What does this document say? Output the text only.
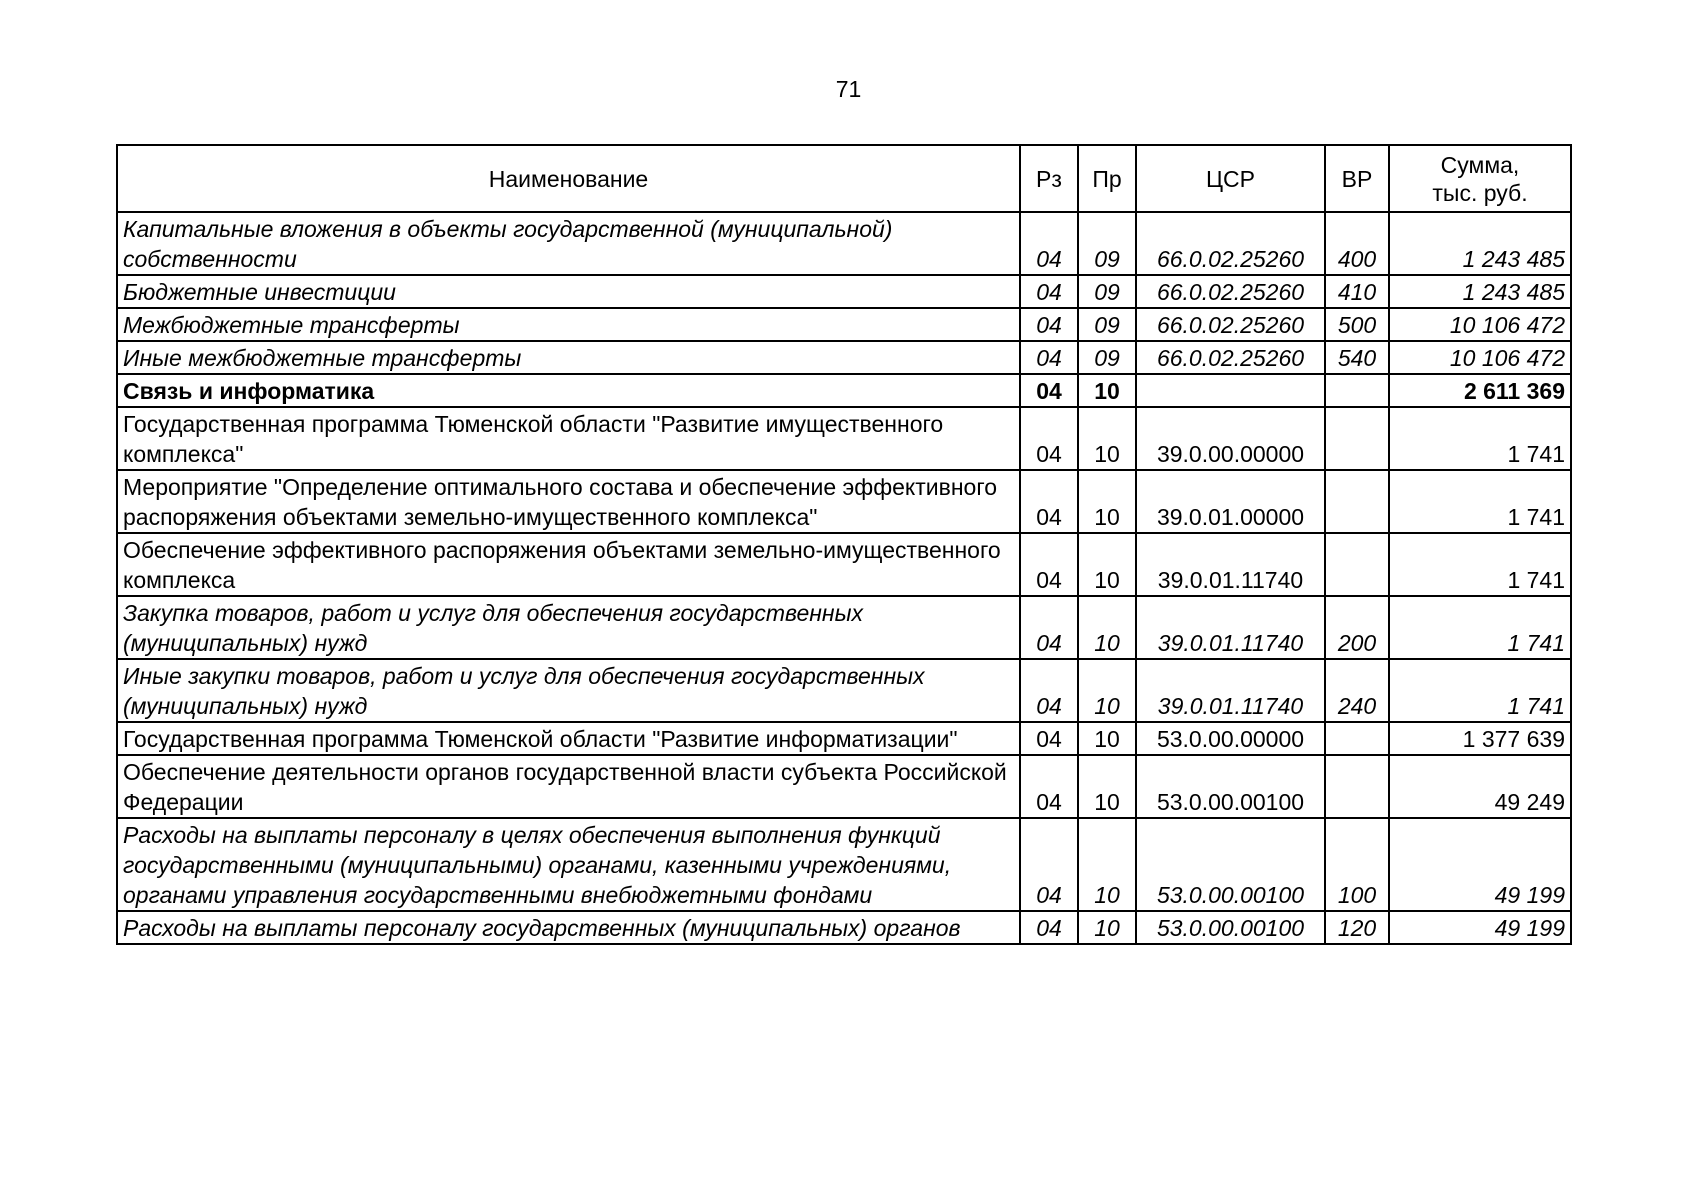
71
Наименование	Рз	Пр	ЦСР	ВР	Сумма,
тыс. руб.
Капитальные вложения в объекты государственной (муниципальной) собственности	04	09	66.0.02.25260	400	1 243 485
Бюджетные инвестиции	04	09	66.0.02.25260	410	1 243 485
Межбюджетные трансферты	04	09	66.0.02.25260	500	10 106 472
Иные межбюджетные трансферты	04	09	66.0.02.25260	540	10 106 472
Связь и информатика	04	10			2 611 369
Государственная программа Тюменской области "Развитие имущественного комплекса"	04	10	39.0.00.00000		1 741
Мероприятие "Определение оптимального состава и обеспечение эффективного распоряжения объектами земельно-имущественного комплекса"	04	10	39.0.01.00000		1 741
Обеспечение эффективного распоряжения объектами земельно-имущественного комплекса	04	10	39.0.01.11740		1 741
Закупка товаров, работ и услуг для обеспечения государственных (муниципальных) нужд	04	10	39.0.01.11740	200	1 741
Иные закупки товаров, работ и услуг для обеспечения государственных (муниципальных) нужд	04	10	39.0.01.11740	240	1 741
Государственная программа Тюменской области "Развитие информатизации"	04	10	53.0.00.00000		1 377 639
Обеспечение деятельности органов государственной власти субъекта Российской Федерации	04	10	53.0.00.00100		49 249
Расходы на выплаты персоналу в целях обеспечения выполнения функций государственными (муниципальными) органами, казенными учреждениями, органами управления государственными внебюджетными фондами	04	10	53.0.00.00100	100	49 199
Расходы на выплаты персоналу государственных (муниципальных) органов	04	10	53.0.00.00100	120	49 199
